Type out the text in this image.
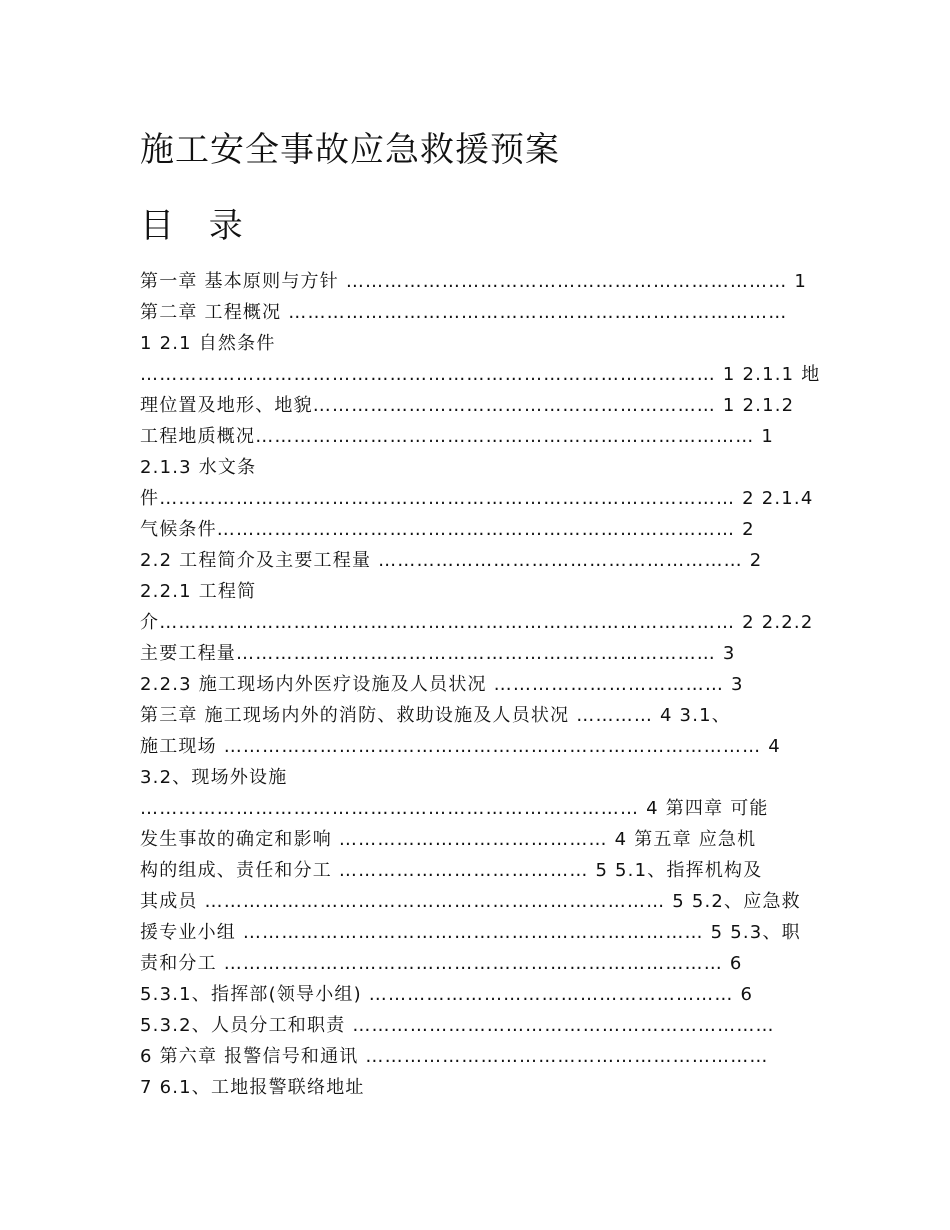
施工安全事故应急救援预案
目 录
第一章 基本原则与方针 …………………………………………………………… 1
第二章 工程概况 ……………………………………………………………………
1 2.1 自然条件
……………………………………………………………………………… 1 2.1.1 地
理位置及地形、地貌……………………………………………………… 1 2.1.2
工程地质概况…………………………………………………………………… 1
2.1.3 水文条
件……………………………………………………………………………… 2 2.1.4
气候条件……………………………………………………………………… 2
2.2 工程简介及主要工程量 ………………………………………………… 2
2.2.1 工程简
介……………………………………………………………………………… 2 2.2.2
主要工程量………………………………………………………………… 3
2.2.3 施工现场内外医疗设施及人员状况 ……………………………… 3
第三章 施工现场内外的消防、救助设施及人员状况 ………… 4 3.1、
施工现场 ………………………………………………………………………… 4
3.2、现场外设施
…………………………………………………………………… 4 第四章 可能
发生事故的确定和影响 …………………………………… 4 第五章 应急机
构的组成、责任和分工 ………………………………… 5 5.1、指挥机构及
其成员 ……………………………………………………………… 5 5.2、应急救
援专业小组 ……………………………………………………………… 5 5.3、职
责和分工 …………………………………………………………………… 6
5.3.1、指挥部(领导小组) ………………………………………………… 6
5.3.2、人员分工和职责 …………………………………………………………
6 第六章 报警信号和通讯 ………………………………………………………
7 6.1、工地报警联络地址
